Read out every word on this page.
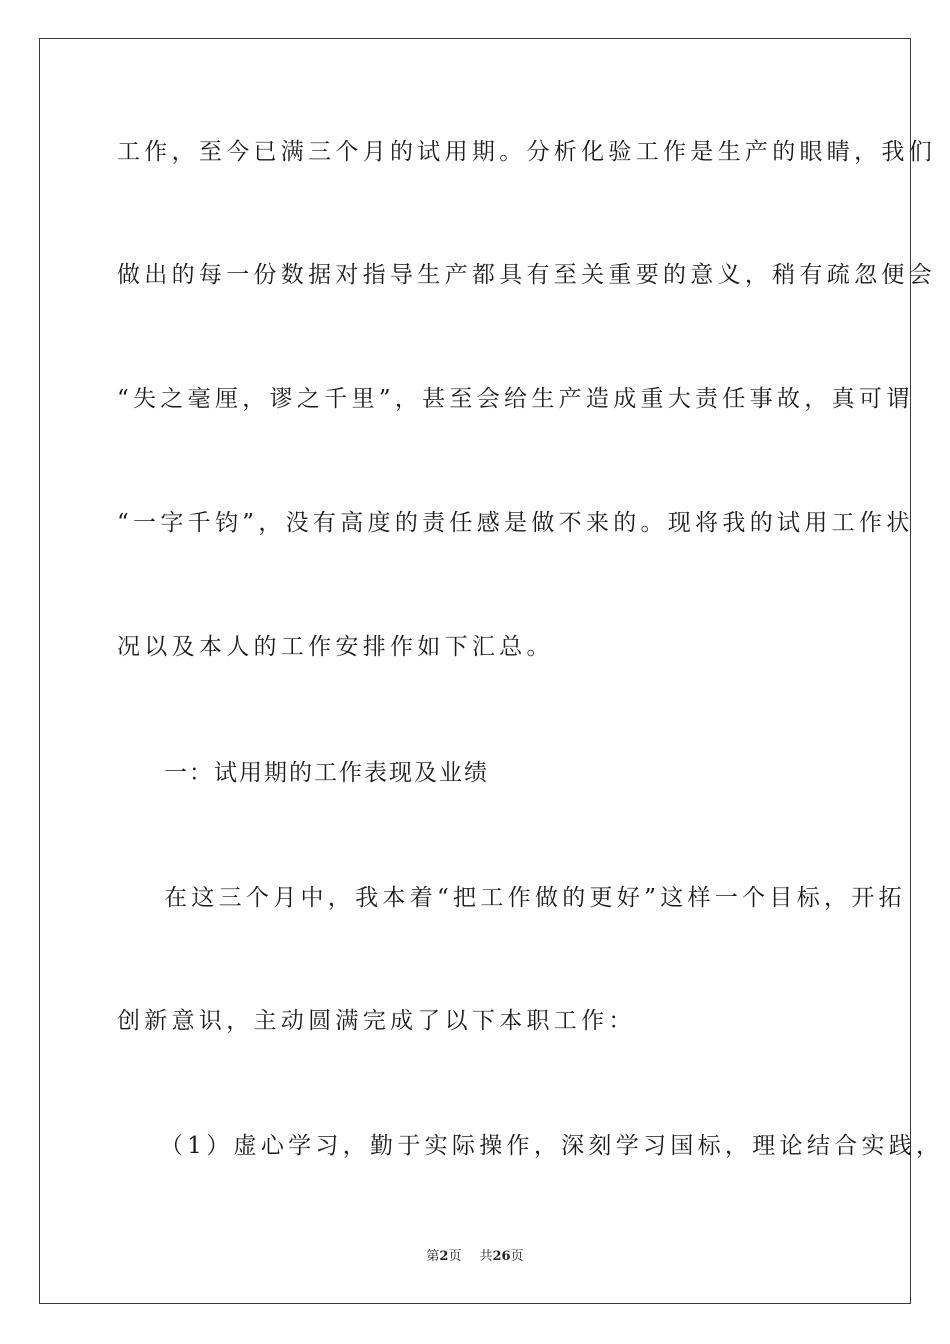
工作，至今已满三个月的试用期。分析化验工作是生产的眼睛，我们
做出的每一份数据对指导生产都具有至关重要的意义，稍有疏忽便会
“失之毫厘，谬之千里”，甚至会给生产造成重大责任事故，真可谓
“一字千钧”，没有高度的责任感是做不来的。现将我的试用工作状
况以及本人的工作安排作如下汇总。
一：试用期的工作表现及业绩
在这三个月中，我本着“把工作做的更好”这样一个目标，开拓
创新意识，主动圆满完成了以下本职工作：
（1）虚心学习，勤于实际操作，深刻学习国标，理论结合实践，
第2页 共26页
